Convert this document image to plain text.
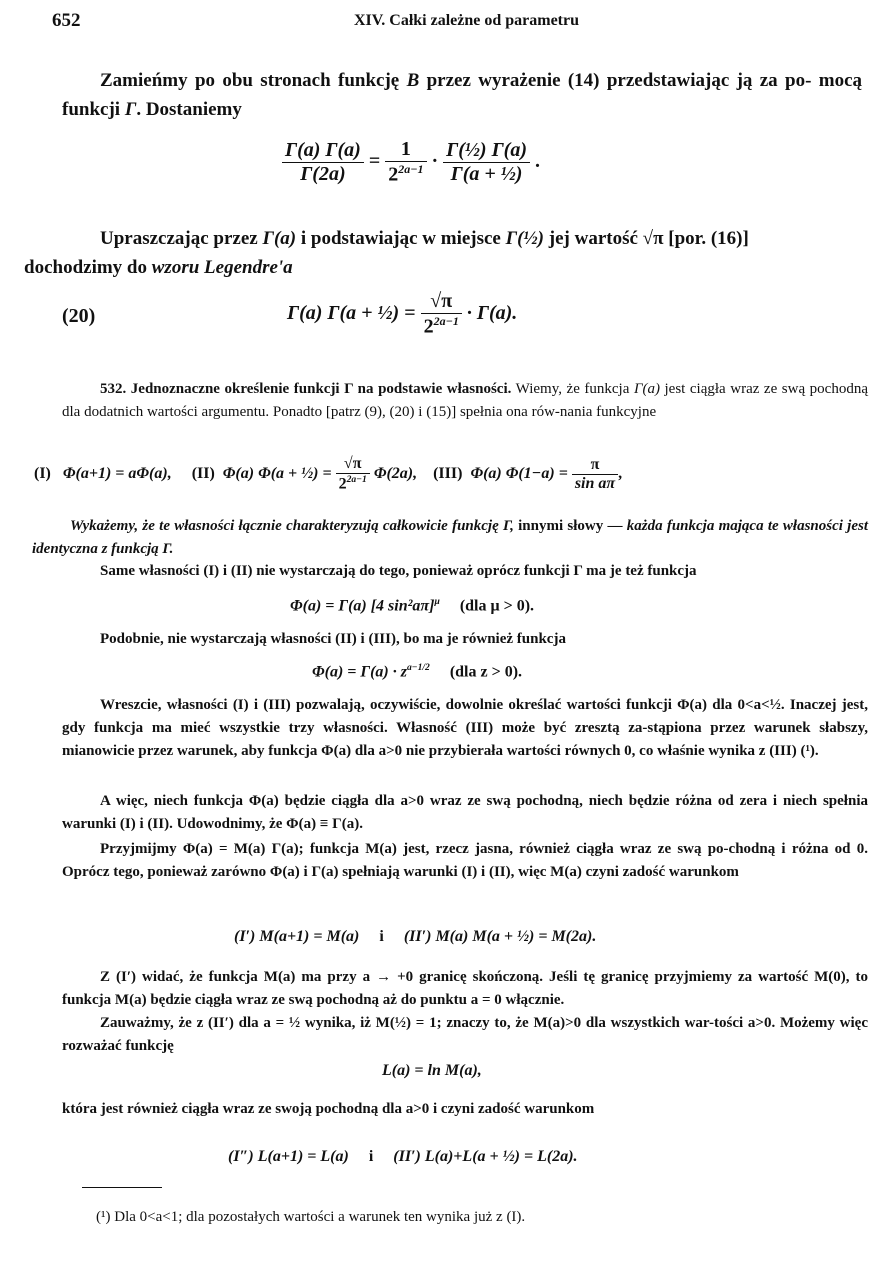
652	XIV. Całki zależne od parametru
Zamieńmy po obu stronach funkcję B przez wyrażenie (14) przedstawiając ją za po- mocą funkcji Γ. Dostaniemy
$\frac{\Gamma(a) \Gamma(a)}{\Gamma(2a)} = \frac{1}{2^{2a-1}} \cdot \frac{\text{Γ(½) Γ(a)}}{\text{Γ(a + ½)}}$ .
Upraszczając przez Γ(a) i podstawiając w miejsce Γ(½) jej wartość √π [por. (16)]
dochodzimy do wzoru Legendre'a
(20)	Γ(a) Γ(a + ½) = $\frac{√\pi}{2^{2a-1}} \cdot \Gamma(a)$.
532. Jednoznaczne określenie funkcji Γ na podstawie własności. Wiemy, że funkcja Γ(a) jest ciągła wraz ze swą pochodną dla dodatnich wartości argumentu. Ponadto [patrz (9), (20) i (15)] spełnia ona rów-nania funkcyjne
(I) Φ(a+1) = aΦ(a), (II) Φ(a) Φ(a + ½) = $\frac{√\pi}{2^{2a-1}} \Phi(2a)$, (III) Φ(a) $\Phi(1-a) = \frac{\pi}{\text{sin aπ}}$ ,
Wykażemy, że te własności łącznie charakteryzują całkowicie funkcję Γ, innymi słowy — każda funkcja mająca te własności jest identyczna z funkcją Γ.
Same własności (I) i (II) nie wystarczają do tego, ponieważ oprócz funkcji Γ ma je też funkcja
Φ(a) = Γ(a) [4 sin²aπ]$^\mu$ (dla μ > 0).
Podobnie, nie wystarczają własności (II) i (III), bo ma je również funkcja
$\Phi(a) = \Gamma(a) \cdot z^{a-1/2}$ (dla z > 0).
Wreszcie, własności (I) i (III) pozwalają, oczywiście, dowolnie określać wartości funkcji Φ(a) dla 0<a<½. Inaczej jest, gdy funkcja ma mieć wszystkie trzy własności. Własność (III) może być zresztą za-stąpiona przez warunek słabszy, mianowicie przez warunek, aby funkcja Φ(a) dla a>0 nie przybierała wartości równych 0, co właśnie wynika z (III) (¹).
A więc, niech funkcja Φ(a) będzie ciągła dla a>0 wraz ze swą pochodną, niech będzie różna od zera i niech spełnia warunki (I) i (II). Udowodnimy, że Φ(a) ≡ Γ(a).
Przyjmijmy Φ(a) = M(a) Γ(a); funkcja M(a) jest, rzecz jasna, również ciągła wraz ze swą po-chodną i różna od 0. Oprócz tego, ponieważ zarówno Φ(a) i Γ(a) spełniają warunki (I) i (II), więc M(a) czyni zadość warunkom
(I′) M(a+1) = M(a) i (II′) M(a) M(a + ½) = M(2a).
Z (I′) widać, że funkcja M(a) ma przy a → +0 granicę skończoną. Jeśli tę granicę przyjmiemy za wartość M(0), to funkcja M(a) będzie ciągła wraz ze swą pochodną aż do punktu a = 0 włącznie.
Zauważmy, że z (II′) dla a = ½ wynika, iż M(½) = 1; znaczy to, że M(a)>0 dla wszystkich war-tości a>0. Możemy więc rozważać funkcję
L(a) = ln M(a),
która jest również ciągła wraz ze swoją pochodną dla a>0 i czyni zadość warunkom
(I″) L(a+1) = L(a) i (II′) L(a)+L(a + ½) = L(2a).
(¹) Dla 0<a<1; dla pozostałych wartości a warunek ten wynika już z (I).
